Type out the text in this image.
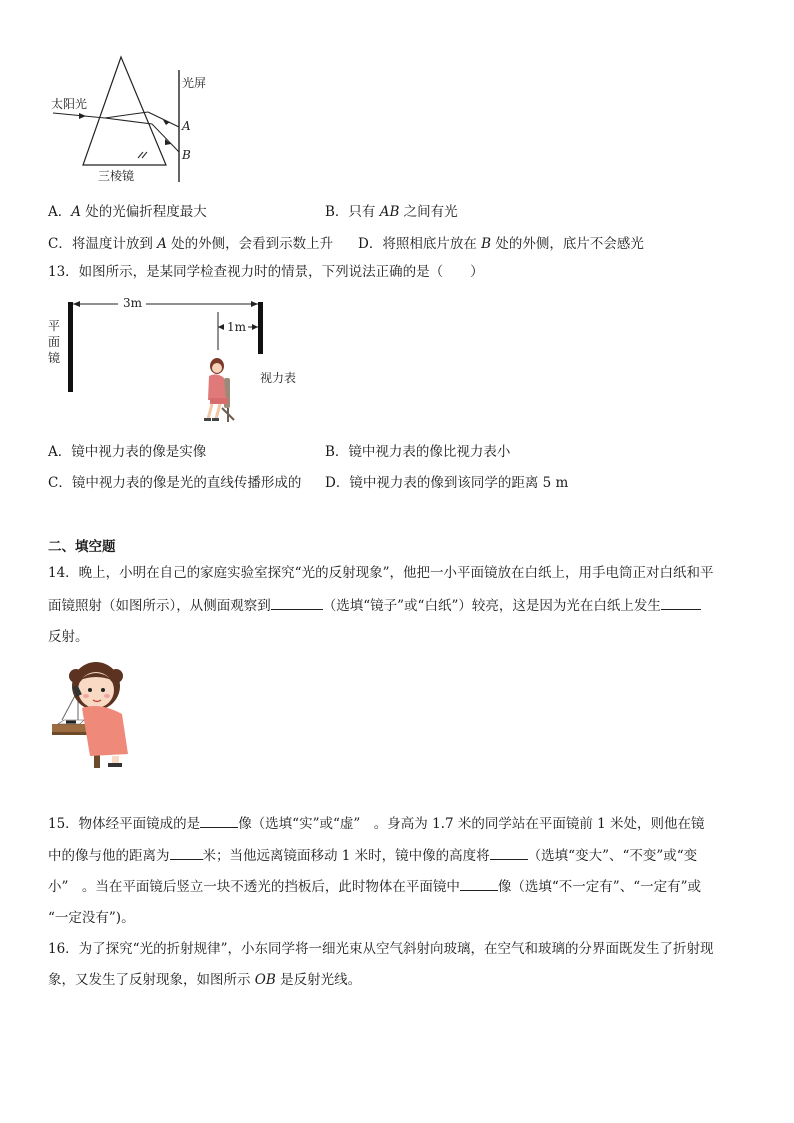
太阳光
光屏
A
B
三棱镜
A．A 处的光偏折程度最大	B．只有 AB 之间有光
C．将温度计放到 A 处的外侧，会看到示数上升 D．将照相底片放在 B 处的外侧，底片不会感光
13．如图所示，是某同学检查视力时的情景，下列说法正确的是（　　）
3m
1m
平
面
镜
视力表
A．镜中视力表的像是实像	B．镜中视力表的像比视力表小
C．镜中视力表的像是光的直线传播形成的 D．镜中视力表的像到该同学的距离 5 m
二、填空题
14．晚上，小明在自己的家庭实验室探究“光的反射现象”，他把一小平面镜放在白纸上，用手电筒正对白纸和平
面镜照射（如图所示），从侧面观察到	（选填“镜子”或“白纸”）较亮，这是因为光在白纸上发生
反射。
15．物体经平面镜成的是	像（选填“实”或“虚”　。身高为 1.7 米的同学站在平面镜前 1 米处，则他在镜
中的像与他的距离为 米；当他远离镜面移动 1 米时，镜中像的高度将	（选填“变大”、“不变”或“变
小”　。当在平面镜后竖立一块不透光的挡板后，此时物体在平面镜中	像（选填“不一定有”、“一定有”或
“一定没有”)。
16．为了探究“光的折射规律”，小东同学将一细光束从空气斜射向玻璃，在空气和玻璃的分界面既发生了折射现
象，又发生了反射现象，如图所示 OB 是反射光线。
